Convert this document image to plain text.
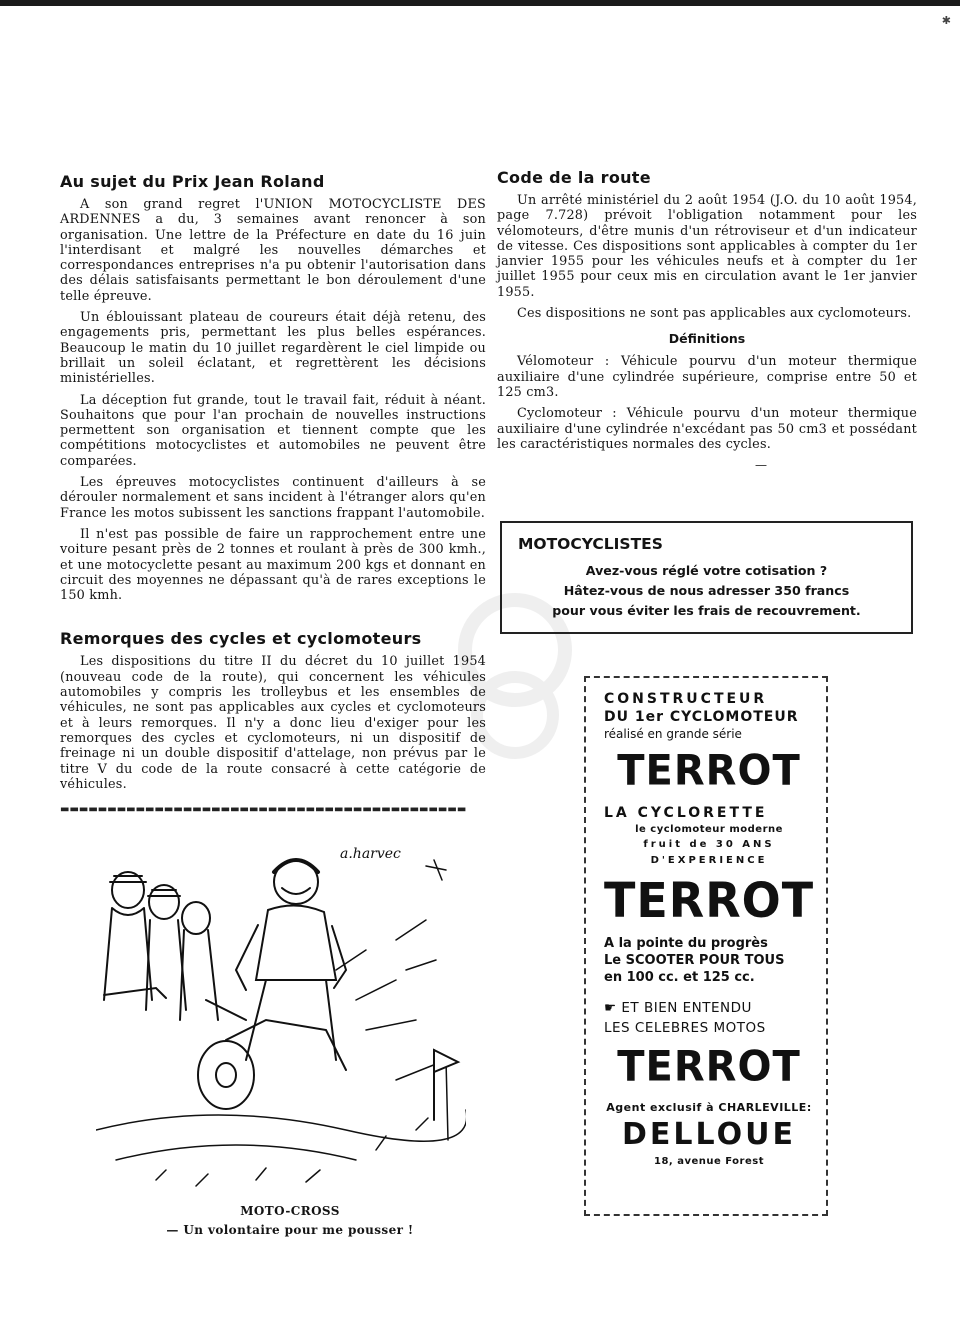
✱
Au sujet du Prix Jean Roland

A son grand regret l'UNION MOTOCYCLISTE DES ARDENNES a du, 3 semaines avant renoncer à son organisation. Une lettre de la Préfecture en date du 16 juin l'interdisant et malgré les nouvelles démarches et correspondances entreprises n'a pu obtenir l'autorisation dans des délais satisfaisants permettant le bon déroulement d'une telle épreuve.

Un éblouissant plateau de coureurs était déjà retenu, des engagements pris, permettant les plus belles espérances. Beaucoup le matin du 10 juillet regardèrent le ciel limpide ou brillait un soleil éclatant, et regrettèrent les décisions ministérielles.

La déception fut grande, tout le travail fait, réduit à néant. Souhaitons que pour l'an prochain de nouvelles instructions permettent son organisation et tiennent compte que les compétitions motocyclistes et automobiles ne peuvent être comparées.

Les épreuves motocyclistes continuent d'ailleurs à se dérouler normalement et sans incident à l'étranger alors qu'en France les motos subissent les sanctions frappant l'automobile.

Il n'est pas possible de faire un rapprochement entre une voiture pesant près de 2 tonnes et roulant à près de 300 kmh., et une motocyclette pesant au maximum 200 kgs et donnant en circuit des moyennes ne dépassant qu'à de rares exceptions le 150 kmh.

Remorques des cycles et cyclomoteurs

Les dispositions du titre II du décret du 10 juillet 1954 (nouveau code de la route), qui concernent les véhicules automobiles y compris les trolleybus et les ensembles de véhicules, ne sont pas applicables aux cycles et cyclomoteurs et à leurs remorques. Il n'y a donc lieu d'exiger pour les remorques des cycles et cyclomoteurs, ni un dispositif de freinage ni un double dispositif d'attelage, non prévus par le titre V du code de la route consacré à cette catégorie de véhicules.

▬▬▬▬▬▬▬▬▬▬▬▬▬▬▬▬▬▬▬▬▬▬▬▬▬▬▬▬▬▬▬▬▬▬▬▬▬▬▬▬▬▬▬
Code de la route

Un arrêté ministériel du 2 août 1954 (J.O. du 10 août 1954, page 7.728) prévoit l'obligation notamment pour les vélomoteurs, d'être munis d'un rétroviseur et d'un indicateur de vitesse. Ces dispositions sont applicables à compter du 1er janvier 1955 pour les véhicules neufs et à compter du 1er juillet 1955 pour ceux mis en circulation avant le 1er janvier 1955.

Ces dispositions ne sont pas applicables aux cyclomoteurs.

Définitions

Vélomoteur : Véhicule pourvu d'un moteur thermique auxiliaire d'une cylindrée supérieure, comprise entre 50 et 125 cm3.

Cyclomoteur : Véhicule pourvu d'un moteur thermique auxiliaire d'une cylindrée n'excédant pas 50 cm3 et possédant les caractéristiques normales des cycles.

—
MOTOCYCLISTES
Avez-vous réglé votre cotisation ?
Hâtez-vous de nous adresser 350 francs
pour vous éviter les frais de recouvrement.
CONSTRUCTEUR
DU 1er CYCLOMOTEUR
réalisé en grande série
TERROT
LA CYCLORETTE
le cyclomoteur moderne
fruit de 30 ANS
D'EXPERIENCE
TERROT
A la pointe du progrès
Le SCOOTER POUR TOUS
en 100 cc. et 125 cc.
☛ ET BIEN ENTENDU
LES CELEBRES MOTOS
TERROT
Agent exclusif à CHARLEVILLE:
DELLOUE
18, avenue Forest
a.harvec
MOTO-CROSS
— Un volontaire pour me pousser !
